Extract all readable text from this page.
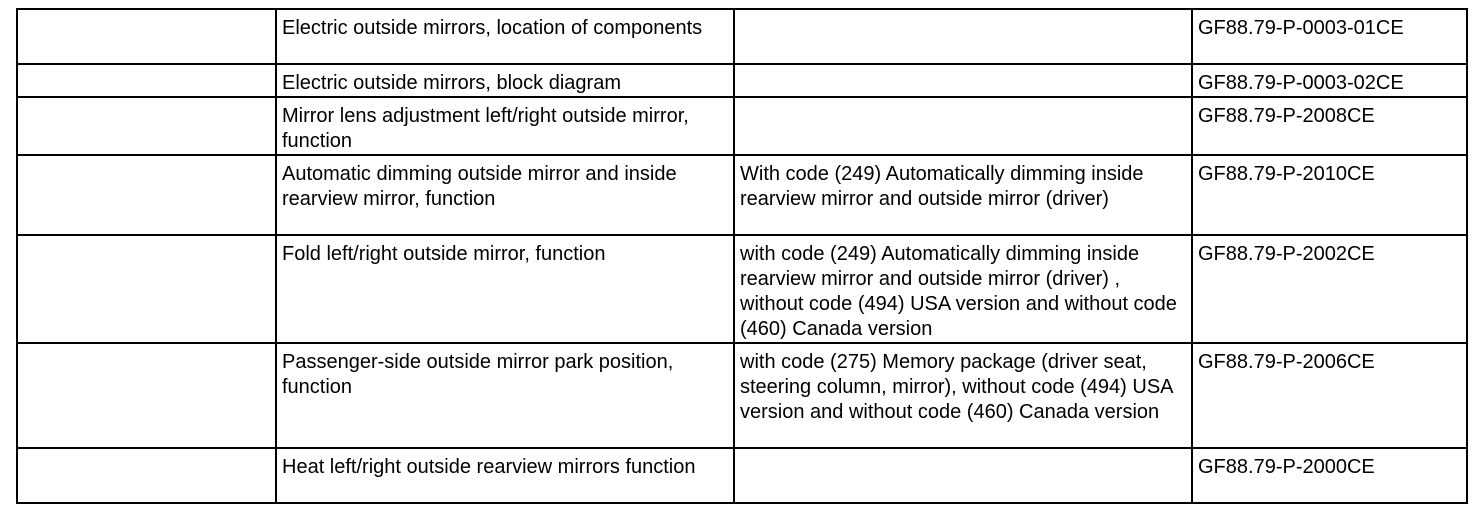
	Electric outside mirrors, location of components		GF88.79-P-0003-01CE
	Electric outside mirrors, block diagram		GF88.79-P-0003-02CE
	Mirror lens adjustment left/right outside mirror, function		GF88.79-P-2008CE
	Automatic dimming outside mirror and inside rearview mirror, function	With code (249) Automatically dimming inside rearview mirror and outside mirror (driver)	GF88.79-P-2010CE
	Fold left/right outside mirror, function	with code (249) Automatically dimming inside rearview mirror and outside mirror (driver) , without code (494) USA version and without code (460) Canada version	GF88.79-P-2002CE
	Passenger-side outside mirror park position, function	with code (275) Memory package (driver seat, steering column, mirror), without code (494) USA version and without code (460) Canada version	GF88.79-P-2006CE
	Heat left/right outside rearview mirrors function		GF88.79-P-2000CE
